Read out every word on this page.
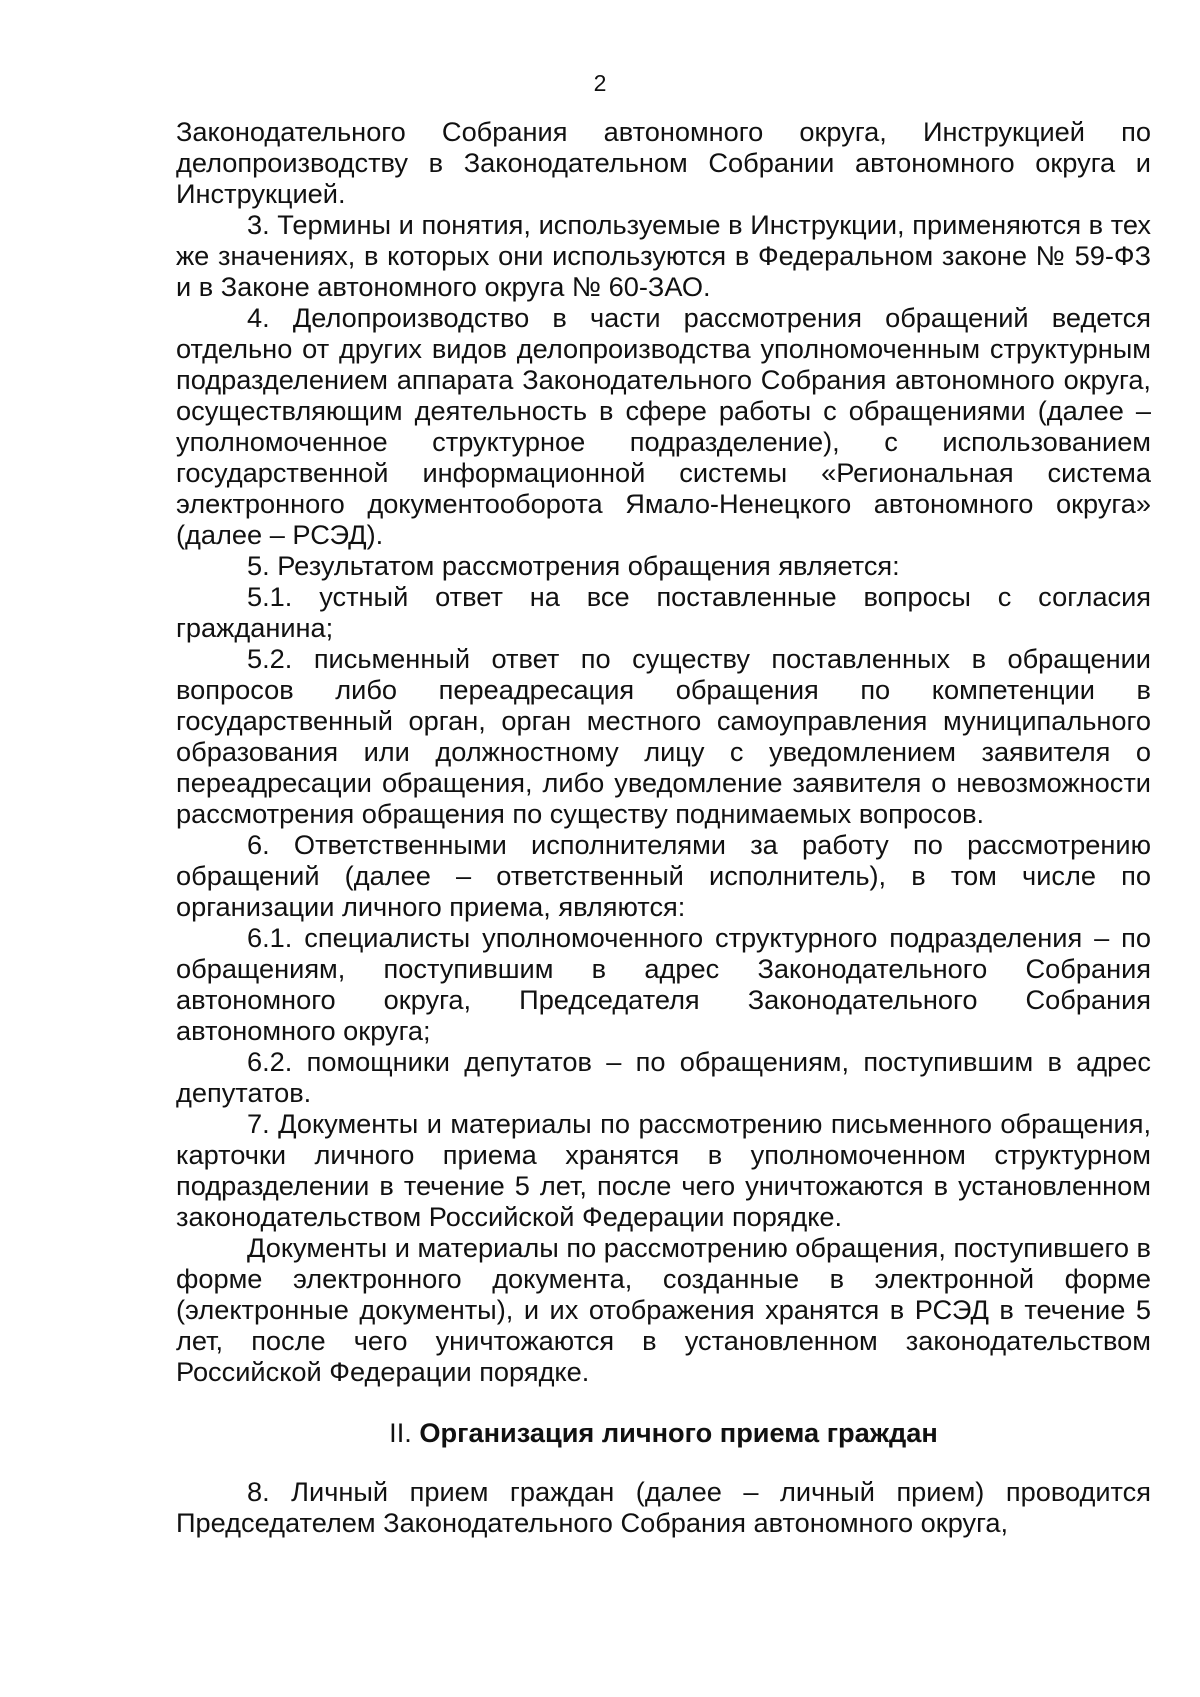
2

Законодательного Собрания автономного округа, Инструкцией по делопроизводству в Законодательном Собрании автономного округа и Инструкцией.

3. Термины и понятия, используемые в Инструкции, применяются в тех же значениях, в которых они используются в Федеральном законе № 59-ФЗ и в Законе автономного округа № 60-ЗАО.

4. Делопроизводство в части рассмотрения обращений ведется отдельно от других видов делопроизводства уполномоченным структурным подразделением аппарата Законодательного Собрания автономного округа, осуществляющим деятельность в сфере работы с обращениями (далее – уполномоченное структурное подразделение), с использованием государственной информационной системы «Региональная система электронного документооборота Ямало-Ненецкого автономного округа» (далее – РСЭД).

5. Результатом рассмотрения обращения является:

5.1. устный ответ на все поставленные вопросы с согласия гражданина;

5.2. письменный ответ по существу поставленных в обращении вопросов либо переадресация обращения по компетенции в государственный орган, орган местного самоуправления муниципального образования или должностному лицу с уведомлением заявителя о переадресации обращения, либо уведомление заявителя о невозможности рассмотрения обращения по существу поднимаемых вопросов.

6. Ответственными исполнителями за работу по рассмотрению обращений (далее – ответственный исполнитель), в том числе по организации личного приема, являются:

6.1. специалисты уполномоченного структурного подразделения – по обращениям, поступившим в адрес Законодательного Собрания автономного округа, Председателя Законодательного Собрания автономного округа;

6.2. помощники депутатов – по обращениям, поступившим в адрес депутатов.

7. Документы и материалы по рассмотрению письменного обращения, карточки личного приема хранятся в уполномоченном структурном подразделении в течение 5 лет, после чего уничтожаются в установленном законодательством Российской Федерации порядке.

Документы и материалы по рассмотрению обращения, поступившего в форме электронного документа, созданные в электронной форме (электронные документы), и их отображения хранятся в РСЭД в течение 5 лет, после чего уничтожаются в установленном законодательством Российской Федерации порядке.

II. Организация личного приема граждан

8. Личный прием граждан (далее – личный прием) проводится Председателем Законодательного Собрания автономного округа,
